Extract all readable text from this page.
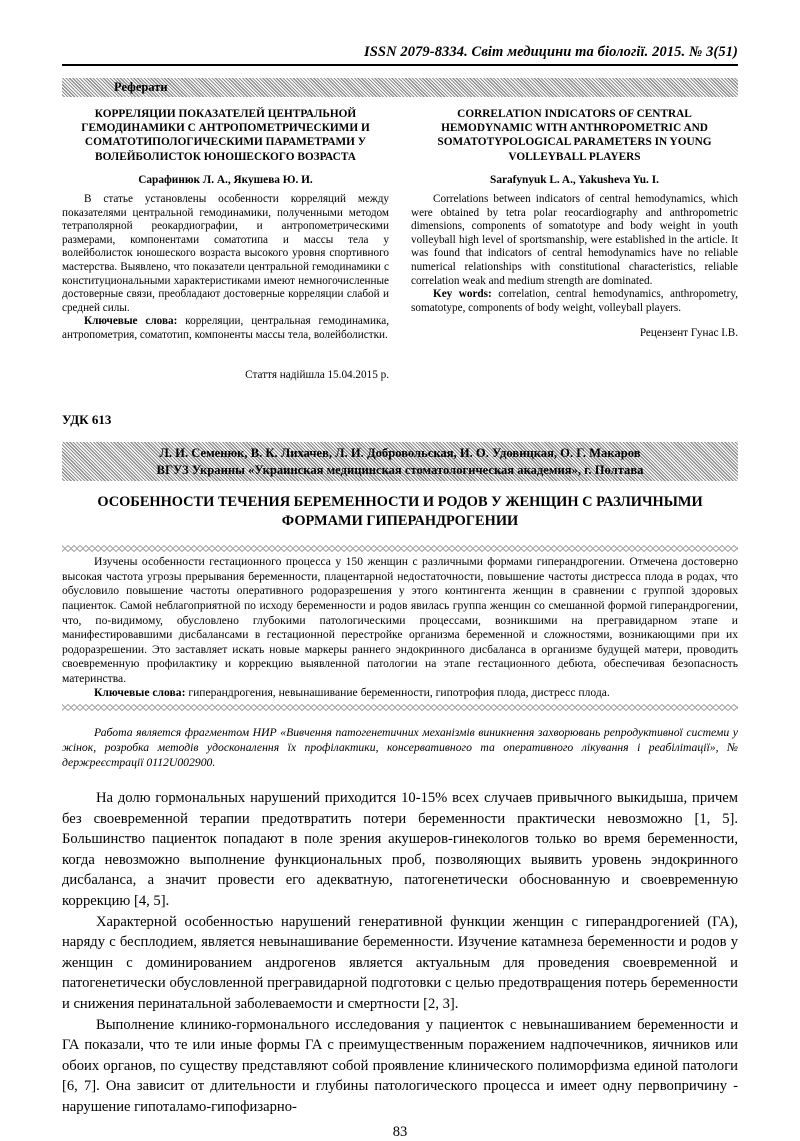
ISSN 2079-8334. Світ медицини та біології. 2015. № 3(51)
Реферати
КОРРЕЛЯЦИИ ПОКАЗАТЕЛЕЙ ЦЕНТРАЛЬНОЙ ГЕМОДИНАМИКИ С АНТРОПОМЕТРИЧЕСКИМИ И СОМАТОТИПОЛОГИЧЕСКИМИ ПАРАМЕТРАМИ У ВОЛЕЙБОЛИСТОК ЮНОШЕСКОГО ВОЗРАСТА
Сарафинюк Л. А., Якушева Ю. И.

В статье установлены особенности корреляций между показателями центральной гемодинамики, полученными методом тетраполярной реокардиографии, и антропометрическими размерами, компонентами соматотипа и массы тела у волейболисток юношеского возраста высокого уровня спортивного мастерства. Выявлено, что показатели центральной гемодинамики с конституциональными характеристиками имеют немногочисленные достоверные связи, преобладают достоверные корреляции слабой и средней силы.

Ключевые слова: корреляции, центральная гемодинамика, антропометрия, соматотип, компоненты массы тела, волейболистки.

Стаття надійшла 15.04.2015 р.
CORRELATION INDICATORS OF CENTRAL HEMODYNAMIC WITH ANTHROPOMETRIC AND SOMATOTYPOLOGICAL PARAMETERS IN YOUNG VOLLEYBALL PLAYERS
Sarafynyuk L. A., Yakusheva Yu. I.

Correlations between indicators of central hemodynamics, which were obtained by tetra polar reocardiography and anthropometric dimensions, components of somatotype and body weight in youth volleyball high level of sportsmanship, were established in the article. It was found that indicators of central hemodynamics have no reliable numerical relationships with constitutional characteristics, reliable correlation weak and medium strength are dominated.

Key words: correlation, central hemodynamics, anthropometry, somatotype, components of body weight, volleyball players.

Рецензент Гунас І.В.
УДК 613
Л. И. Семенюк, В. К. Лихачев, Л. И. Добровольская, И. О. Удовицкая, О. Г. Макаров
ВГУЗ Украины «Украинская медицинская стоматологическая академия», г. Полтава
ОСОБЕННОСТИ ТЕЧЕНИЯ БЕРЕМЕННОСТИ И РОДОВ У ЖЕНЩИН С РАЗЛИЧНЫМИ ФОРМАМИ ГИПЕРАНДРОГЕНИИ

Изучены особенности гестационного процесса у 150 женщин с различными формами гиперандрогении. Отмечена достоверно высокая частота угрозы прерывания беременности, плацентарной недостаточности, повышение частоты дистресса плода в родах, что обусловило повышение частоты оперативного родоразрешения у этого контингента женщин в сравнении с группой здоровых пациенток. Самой неблагоприятной по исходу беременности и родов явилась группа женщин со смешанной формой гиперандрогении, что, по-видимому, обусловлено глубокими патологическими процессами, возникшими на прегравидарном этапе и манифестировавшими дисбалансами в гестационной перестройке организма беременной и сложностями, возникающими при их родоразрешении. Это заставляет искать новые маркеры раннего эндокринного дисбаланса в организме будущей матери, проводить своевременную профилактику и коррекцию выявленной патологии на этапе гестационного дебюта, обеспечивая безопасность материнства.

Ключевые слова: гиперандрогения, невынашивание беременности, гипотрофия плода, дистресс плода.

Работа является фрагментом НИР «Вивчення патогенетичних механізмів виникнення захворювань репродуктивної системи у жінок, розробка методів удосконалення їх профілактики, консервативного та оперативного лікування і реабілітації», № держреєстрації 0112U002900.

На долю гормональных нарушений приходится 10-15% всех случаев привычного выкидыша, причем без своевременной терапии предотвратить потери беременности практически невозможно [1, 5]. Большинство пациенток попадают в поле зрения акушеров-гинекологов только во время беременности, когда невозможно выполнение функциональных проб, позволяющих выявить уровень эндокринного дисбаланса, а значит провести его адекватную, патогенетически обоснованную и своевременную коррекцию [4, 5].

Характерной особенностью нарушений генеративной функции женщин с гиперандрогенией (ГА), наряду с бесплодием, является невынашивание беременности. Изучение катамнеза беременности и родов у женщин с доминированием андрогенов является актуальным для проведения своевременной и патогенетически обусловленной прегравидарной подготовки с целью предотвращения потерь беременности и снижения перинатальной заболеваемости и смертности [2, 3].

Выполнение клинико-гормонального исследования у пациенток с невынашиванием беременности и ГА показали, что те или иные формы ГА с преимущественным поражением надпочечников, яичников или обоих органов, по существу представляют собой проявление клинического полиморфизма единой патологи [6, 7]. Она зависит от длительности и глубины патологического процесса и имеет одну первопричину - нарушение гипоталамо-гипофизарно-

83
